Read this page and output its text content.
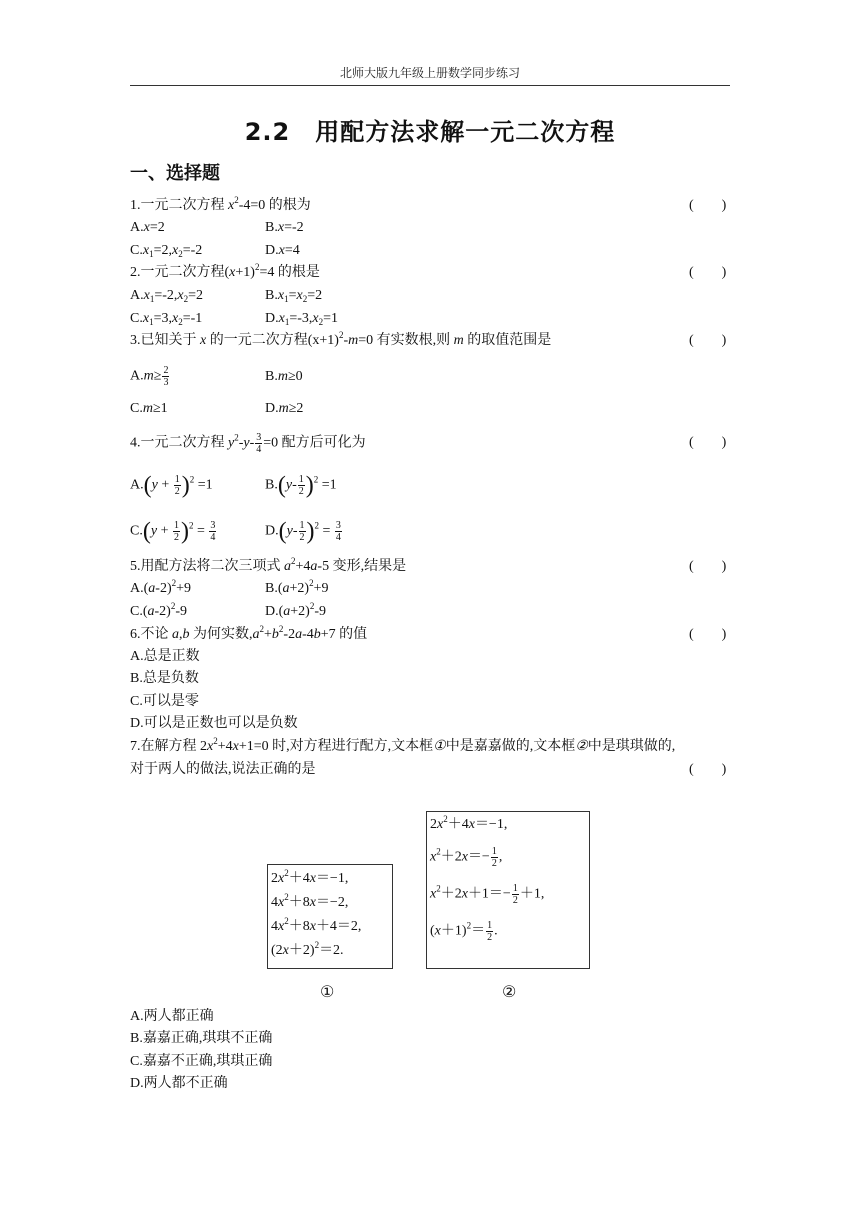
北师大版九年级上册数学同步练习
2.2　用配方法求解一元二次方程
一、选择题
1.一元二次方程 $x^2-4=0$ 的根为	(　　)
A.x=2	B.x=-2
$C.x_1=2,x_2=-2$	D.x=4
2.一元二次方程$(x+1)^2=4$ 的根是	(　　)
$A.x_1=-2,x_2=2$	$B.x_1=x_2=2$
$C.x_1=3,x_2=-1$	$D.x_1=-3,x_2=1$
3.已知关于 x 的一元二次方程$(x+1)^2-m=0$ 有实数根,则 m 的取值范围是	(　　)
$A.m\ge \frac{2}{3}$	B.m≥0
C.m≥1	D.m≥2
4.一元二次方程 $y^2-y- \frac{3}{4} =0$ 配方后可化为	(　　)
$A.(y + \frac{1}{2} )^2 =1$	$B.(y- \frac{1}{2} )^2 =1$
$C.(y + \frac{1}{2} )^2 = \frac{3}{4}$	$D.(y- \frac{1}{2} )^2 = \frac{3}{4}$
5.用配方法将二次三项式 $a^2+4a-5$ 变形,结果是	(　　)
$A.(a-2)^2+9$	$B.(a+2)^2+9$
$C.(a-2)^2-9$	$D.(a+2)^2-9$
6.不论 a,b 为何实数$,a^2+b^2-2a-4b+7$ 的值	(　　)
A.总是正数
B.总是负数
C.可以是零
D.可以是正数也可以是负数
7.在解方程 $2x^2+4x+1=0$ 时,对方程进行配方,文本框①中是嘉嘉做的,文本框②中是琪琪做的,
对于两人的做法,说法正确的是	(　　)
$2x^2+4x=-1$,
$4x^2+8x=-2$,
$4x^2+8x+4=2$,
$(2x+2)^2=2$.
①
$2x^2+4x=-1$,
$x^2+2x=- \frac{1}{2}$ ,
$x^2+2x+1=- \frac{1}{2} +1$,
$(x+1)^2= \frac{1}{2}$ .
②
A.两人都正确
B.嘉嘉正确,琪琪不正确
C.嘉嘉不正确,琪琪正确
D.两人都不正确
